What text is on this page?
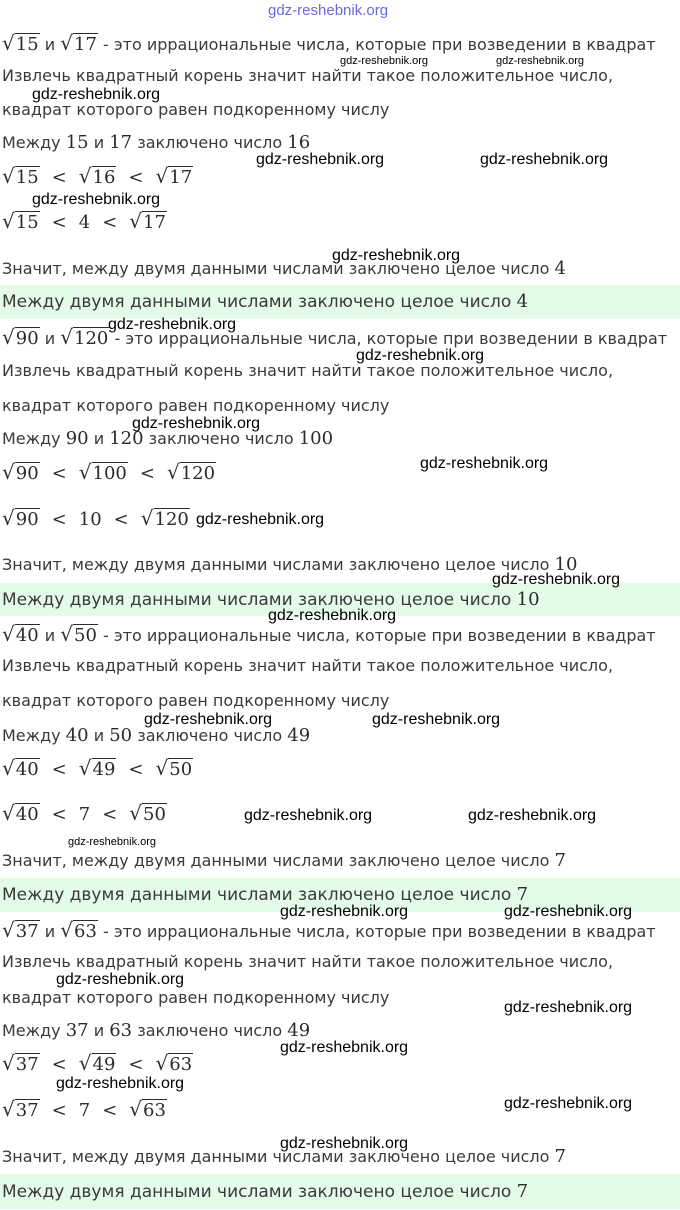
gdz-reshebnik.org
√15 и √17 - это иррациональные числа, которые при возведении в квадрат
Извлечь квадратный корень значит найти такое положительное число,
квадрат которого равен подкоренному числу
Между 15 и 17 заключено число 16
√15 < √16 < √17
√15 < 4 < √17
Значит, между двумя данными числами заключено целое число 4
Между двумя данными числами заключено целое число 4
√90 и √120 - это иррациональные числа, которые при возведении в квадрат
Извлечь квадратный корень значит найти такое положительное число,
квадрат которого равен подкоренному числу
Между 90 и 120 заключено число 100
√90 < √100 < √120
√90 < 10 < √120
Значит, между двумя данными числами заключено целое число 10
Между двумя данными числами заключено целое число 10
√40 и √50 - это иррациональные числа, которые при возведении в квадрат
Извлечь квадратный корень значит найти такое положительное число,
квадрат которого равен подкоренному числу
Между 40 и 50 заключено число 49
√40 < √49 < √50
√40 < 7 < √50
Значит, между двумя данными числами заключено целое число 7
Между двумя данными числами заключено целое число 7
√37 и √63 - это иррациональные числа, которые при возведении в квадрат
Извлечь квадратный корень значит найти такое положительное число,
квадрат которого равен подкоренному числу
Между 37 и 63 заключено число 49
√37 < √49 < √63
√37 < 7 < √63
Значит, между двумя данными числами заключено целое число 7
Между двумя данными числами заключено целое число 7
gdz-reshebnik.org	gdz-reshebnik.org
gdz-reshebnik.org
gdz-reshebnik.org	gdz-reshebnik.org
gdz-reshebnik.org
gdz-reshebnik.org
gdz-reshebnik.org
gdz-reshebnik.org
gdz-reshebnik.org
gdz-reshebnik.org
gdz-reshebnik.org
gdz-reshebnik.org
gdz-reshebnik.org
gdz-reshebnik.org	gdz-reshebnik.org
gdz-reshebnik.org	gdz-reshebnik.org
gdz-reshebnik.org
gdz-reshebnik.org	gdz-reshebnik.org
gdz-reshebnik.org
gdz-reshebnik.org
gdz-reshebnik.org
gdz-reshebnik.org
gdz-reshebnik.org
gdz-reshebnik.org
